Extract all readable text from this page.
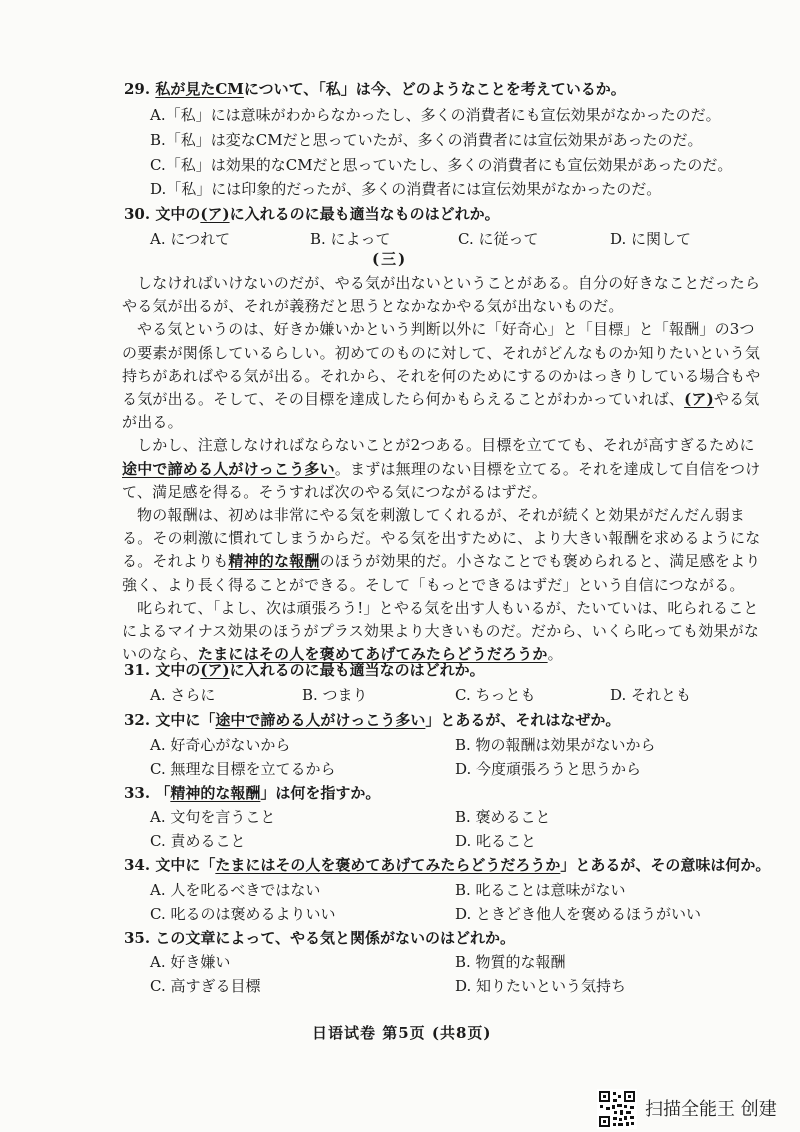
29. 私が見たCMについて、「私」は今、どのようなことを考えているか。
A.「私」には意味がわからなかったし、多くの消費者にも宣伝効果がなかったのだ。
B.「私」は変なCMだと思っていたが、多くの消費者には宣伝効果があったのだ。
C.「私」は効果的なCMだと思っていたし、多くの消費者にも宣伝効果があったのだ。
D.「私」には印象的だったが、多くの消費者には宣伝効果がなかったのだ。
30. 文中の(ア)に入れるのに最も適当なものはどれか。
A. につれて	B. によって	C. に従って	D. に関して
(三)

しなければいけないのだが、やる気が出ないということがある。自分の好きなことだったらやる気が出るが、それが義務だと思うとなかなかやる気が出ないものだ。

やる気というのは、好きか嫌いかという判断以外に「好奇心」と「目標」と「報酬」の3つの要素が関係しているらしい。初めてのものに対して、それがどんなものか知りたいという気持ちがあればやる気が出る。それから、それを何のためにするのかはっきりしている場合もやる気が出る。そして、その目標を達成したら何かもらえることがわかっていれば、(ア)やる気が出る。

しかし、注意しなければならないことが2つある。目標を立てても、それが高すぎるために途中で諦める人がけっこう多い。まずは無理のない目標を立てる。それを達成して自信をつけて、満足感を得る。そうすれば次のやる気につながるはずだ。

物の報酬は、初めは非常にやる気を刺激してくれるが、それが続くと効果がだんだん弱まる。その刺激に慣れてしまうからだ。やる気を出すために、より大きい報酬を求めるようになる。それよりも精神的な報酬のほうが効果的だ。小さなことでも褒められると、満足感をより強く、より長く得ることができる。そして「もっとできるはずだ」という自信につながる。

叱られて、「よし、次は頑張ろう!」とやる気を出す人もいるが、たいていは、叱られることによるマイナス効果のほうがプラス効果より大きいものだ。だから、いくら叱っても効果がないのなら、たまにはその人を褒めてあげてみたらどうだろうか。

31. 文中の(ア)に入れるのに最も適当なのはどれか。
A. さらに	B. つまり	C. ちっとも	D. それとも
32. 文中に「途中で諦める人がけっこう多い」とあるが、それはなぜか。
A. 好奇心がないから	B. 物の報酬は効果がないから
C. 無理な目標を立てるから	D. 今度頑張ろうと思うから
33. 「精神的な報酬」は何を指すか。
A. 文句を言うこと	B. 褒めること
C. 責めること	D. 叱ること
34. 文中に「たまにはその人を褒めてあげてみたらどうだろうか」とあるが、その意味は何か。
A. 人を叱るべきではない	B. 叱ることは意味がない
C. 叱るのは褒めるよりいい	D. ときどき他人を褒めるほうがいい
35. この文章によって、やる気と関係がないのはどれか。
A. 好き嫌い	B. 物質的な報酬
C. 高すぎる目標	D. 知りたいという気持ち
日语试卷 第5页 (共8页)
扫描全能王 创建
